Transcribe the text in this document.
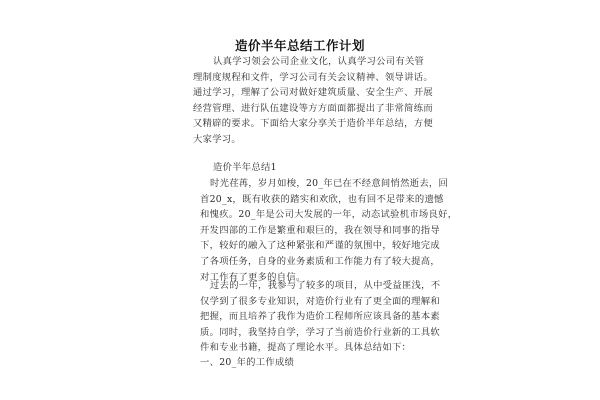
造价半年总结工作计划
认真学习领会公司企业文化，认真学习公司有关管
理制度规程和文件，学习公司有关会议精神、领导讲话。
通过学习，理解了公司对做好建筑质量、安全生产、开展
经营管理、进行队伍建设等方方面面都提出了非常简练而
又精辟的要求。下面给大家分享关于造价半年总结，方便
大家学习。
造价半年总结1
时光荏苒，岁月如梭，20_年已在不经意间悄然逝去，回
首20_x，既有收获的踏实和欢欣，也有回不足带来的遗憾
和愧疚。20_年是公司大发展的一年，动态试验机市场良好，
开发四部的工作是繁重和艰巨的，我在领导和同事的指导
下，较好的融入了这种紧张和严谨的氛围中，较好地完成
了各项任务，自身的业务素质和工作能力有了较大提高，
对工作有了更多的自信。
过去的一年，我参与了较多的项目，从中受益匪浅，不
仅学到了很多专业知识，对造价行业有了更全面的理解和
把握，而且培养了我作为造价工程师所应该具备的基本素
质。同时，我坚持自学，学习了当前造价行业新的工具软
件和专业书籍，提高了理论水平。具体总结如下：
一、20_年的工作成绩
